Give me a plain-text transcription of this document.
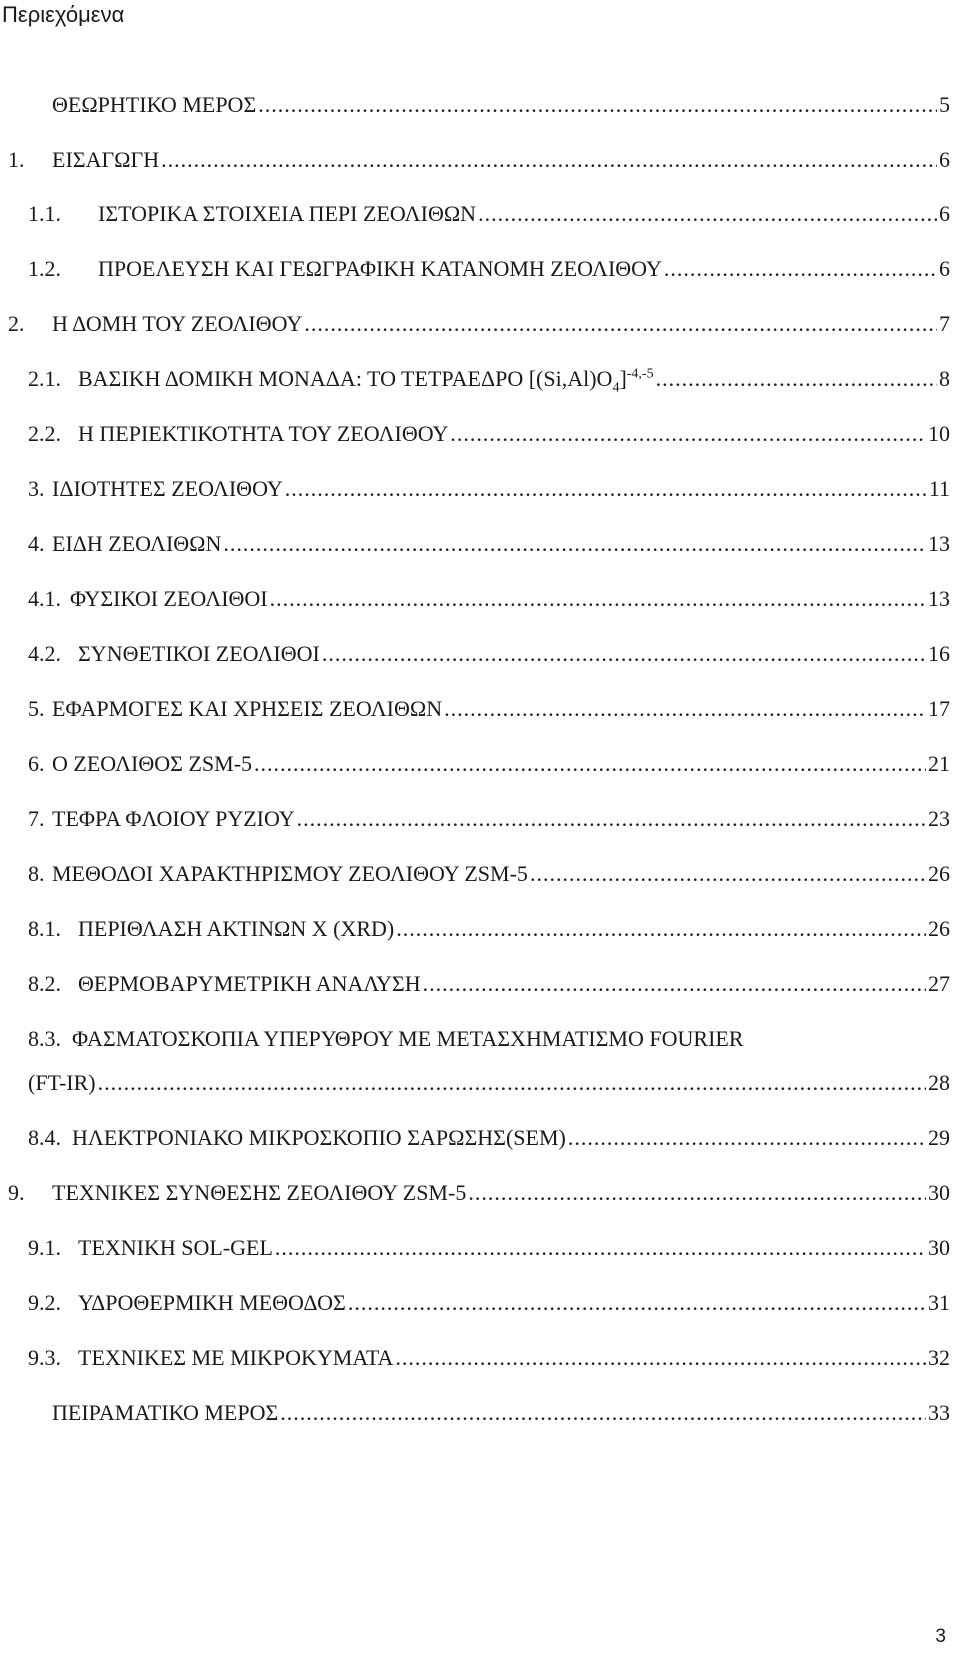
Περιεχόμενα
ΘΕΩΡΗΤΙΚΟ ΜΕΡΟΣ .....	5
1. ΕΙΣΑΓΩΓΗ .....	6
1.1. ΙΣΤΟΡΙΚΑ ΣΤΟΙΧΕΙΑ ΠΕΡΙ ΖΕΟΛΙΘΩΝ .....	6
1.2. ΠΡΟΕΛΕΥΣΗ ΚΑΙ ΓΕΩΓΡΑΦΙΚΗ ΚΑΤΑΝΟΜΗ ΖΕΟΛΙΘΟΥ .....	6
2. Η ΔΟΜΗ ΤΟΥ ΖΕΟΛΙΘΟΥ .....	7
2.1. ΒΑΣΙΚΗ ΔΟΜΙΚΗ ΜΟΝΑΔΑ: ΤΟ ΤΕΤΡΑΕΔΡΟ $[(Si,Al)O_4]^{-4,-5}$ .....	8
2.2. Η ΠΕΡΙΕΚΤΙΚΟΤΗΤΑ ΤΟΥ ΖΕΟΛΙΘΟΥ .....	10
3. ΙΔΙΟΤΗΤΕΣ ΖΕΟΛΙΘΟΥ .....	11
4. ΕΙΔΗ ΖΕΟΛΙΘΩΝ .....	13
4.1. ΦΥΣΙΚΟΙ ΖΕΟΛΙΘΟΙ .....	13
4.2. ΣΥΝΘΕΤΙΚΟΙ ΖΕΟΛΙΘΟΙ .....	16
5. ΕΦΑΡΜΟΓΕΣ ΚΑΙ ΧΡΗΣΕΙΣ ΖΕΟΛΙΘΩΝ .....	17
6. Ο ΖΕΟΛΙΘΟΣ ZSM-5 .....	21
7. ΤΕΦΡΑ ΦΛΟΙΟΥ ΡΥΖΙΟΥ .....	23
8. ΜΕΘΟΔΟΙ ΧΑΡΑΚΤΗΡΙΣΜΟΥ ΖΕΟΛΙΘΟΥ ZSM-5 .....	26
8.1. ΠΕΡΙΘΛΑΣΗ ΑΚΤΙΝΩΝ Χ (XRD) .....	26
8.2. ΘΕΡΜΟΒΑΡΥΜΕΤΡΙΚΗ ΑΝΑΛΥΣΗ .....	27
8.3. ΦΑΣΜΑΤΟΣΚΟΠΙΑ ΥΠΕΡΥΘΡΟΥ ΜΕ ΜΕΤΑΣΧΗΜΑΤΙΣΜΟ FOURIER
(FT-IR) .....	28
8.4. ΗΛΕΚΤΡΟΝΙΑΚΟ ΜΙΚΡΟΣΚΟΠΙΟ ΣΑΡΩΣΗΣ(SEM) .....	29
9. ΤΕΧΝΙΚΕΣ ΣΥΝΘΕΣΗΣ ΖΕΟΛΙΘΟΥ ZSM-5 .....	30
9.1. ΤΕΧΝΙΚΗ SOL-GEL .....	30
9.2. ΥΔΡΟΘΕΡΜΙΚΗ ΜΕΘΟΔΟΣ .....	31
9.3. ΤΕΧΝΙΚΕΣ ΜΕ ΜΙΚΡΟΚΥΜΑΤΑ .....	32
ΠΕΙΡΑΜΑΤΙΚΟ ΜΕΡΟΣ .....	33
3
